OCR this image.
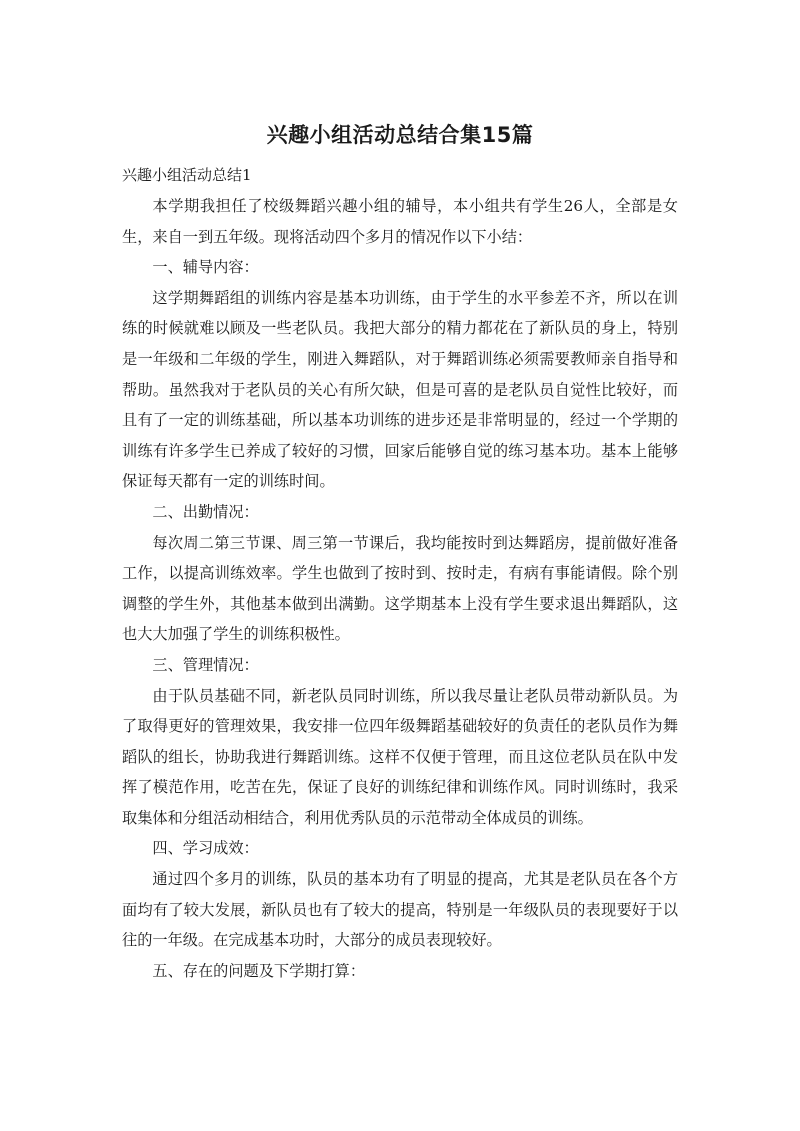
兴趣小组活动总结合集15篇
兴趣小组活动总结1

本学期我担任了校级舞蹈兴趣小组的辅导，本小组共有学生26人，全部是女生，来自一到五年级。现将活动四个多月的情况作以下小结：

一、辅导内容：

这学期舞蹈组的训练内容是基本功训练，由于学生的水平参差不齐，所以在训练的时候就难以顾及一些老队员。我把大部分的精力都花在了新队员的身上，特别是一年级和二年级的学生，刚进入舞蹈队，对于舞蹈训练必须需要教师亲自指导和帮助。虽然我对于老队员的关心有所欠缺，但是可喜的是老队员自觉性比较好，而且有了一定的训练基础，所以基本功训练的进步还是非常明显的，经过一个学期的训练有许多学生已养成了较好的习惯，回家后能够自觉的练习基本功。基本上能够保证每天都有一定的训练时间。

二、出勤情况：

每次周二第三节课、周三第一节课后，我均能按时到达舞蹈房，提前做好准备工作，以提高训练效率。学生也做到了按时到、按时走，有病有事能请假。除个别调整的学生外，其他基本做到出满勤。这学期基本上没有学生要求退出舞蹈队，这也大大加强了学生的训练积极性。

三、管理情况：

由于队员基础不同，新老队员同时训练，所以我尽量让老队员带动新队员。为了取得更好的管理效果，我安排一位四年级舞蹈基础较好的负责任的老队员作为舞蹈队的组长，协助我进行舞蹈训练。这样不仅便于管理，而且这位老队员在队中发挥了模范作用，吃苦在先，保证了良好的训练纪律和训练作风。同时训练时，我采取集体和分组活动相结合，利用优秀队员的示范带动全体成员的训练。

四、学习成效：

通过四个多月的训练，队员的基本功有了明显的提高，尤其是老队员在各个方面均有了较大发展，新队员也有了较大的提高，特别是一年级队员的表现要好于以往的一年级。在完成基本功时，大部分的成员表现较好。

五、存在的问题及下学期打算：
